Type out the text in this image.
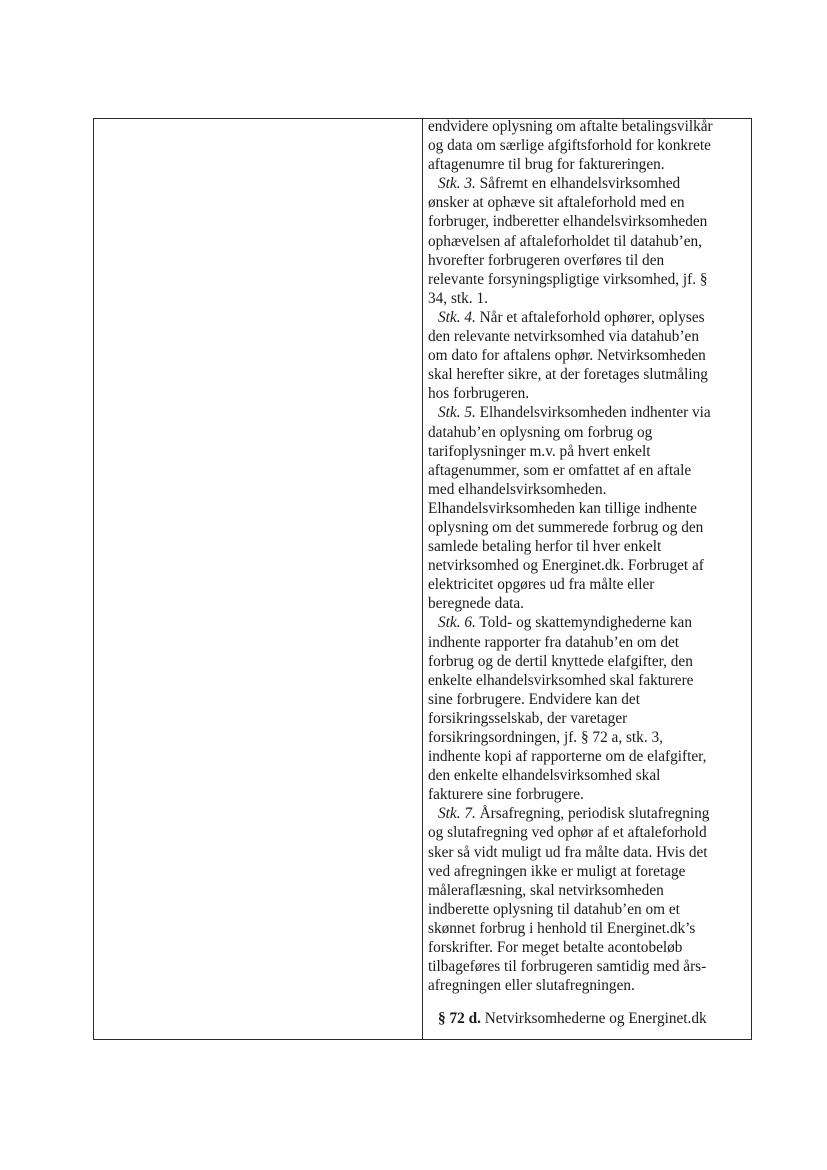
endvidere oplysning om aftalte betalingsvilkår
og data om særlige afgiftsforhold for konkrete
aftagenumre til brug for faktureringen.
Stk. 3. Såfremt en elhandelsvirksomhed
ønsker at ophæve sit aftaleforhold med en
forbruger, indberetter elhandelsvirksomheden
ophævelsen af aftaleforholdet til datahub’en,
hvorefter forbrugeren overføres til den
relevante forsyningspligtige virksomhed, jf. §
34, stk. 1.
Stk. 4. Når et aftaleforhold ophører, oplyses
den relevante netvirksomhed via datahub’en
om dato for aftalens ophør. Netvirksomheden
skal herefter sikre, at der foretages slutmåling
hos forbrugeren.
Stk. 5. Elhandelsvirksomheden indhenter via
datahub’en oplysning om forbrug og
tarifoplysninger m.v. på hvert enkelt
aftagenummer, som er omfattet af en aftale
med elhandelsvirksomheden.
Elhandelsvirksomheden kan tillige indhente
oplysning om det summerede forbrug og den
samlede betaling herfor til hver enkelt
netvirksomhed og Energinet.dk. Forbruget af
elektricitet opgøres ud fra målte eller
beregnede data.
Stk. 6. Told- og skattemyndighederne kan
indhente rapporter fra datahub’en om det
forbrug og de dertil knyttede elafgifter, den
enkelte elhandelsvirksomhed skal fakturere
sine forbrugere. Endvidere kan det
forsikringsselskab, der varetager
forsikringsordningen, jf. § 72 a, stk. 3,
indhente kopi af rapporterne om de elafgifter,
den enkelte elhandelsvirksomhed skal
fakturere sine forbrugere.
Stk. 7. Årsafregning, periodisk slutafregning
og slutafregning ved ophør af et aftaleforhold
sker så vidt muligt ud fra målte data. Hvis det
ved afregningen ikke er muligt at foretage
måleraflæsning, skal netvirksomheden
indberette oplysning til datahub’en om et
skønnet forbrug i henhold til Energinet.dk’s
forskrifter. For meget betalte acontobeløb
tilbageføres til forbrugeren samtidig med års-
afregningen eller slutafregningen.
§ 72 d. Netvirksomhederne og Energinet.dk
